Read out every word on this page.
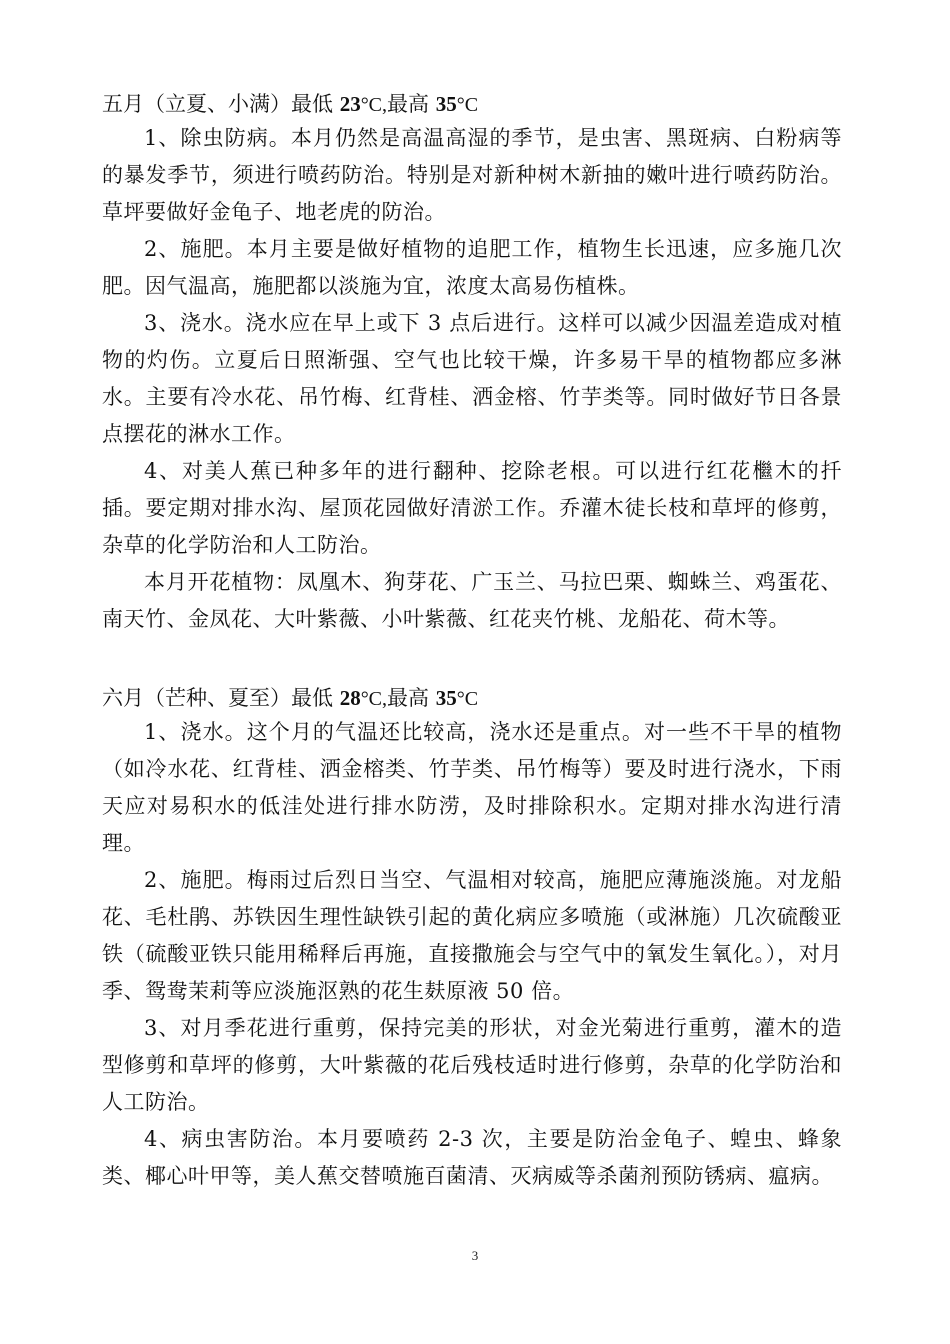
五月（立夏、小满）最低 23°C,最高 35°C

1、除虫防病。本月仍然是高温高湿的季节，是虫害、黑斑病、白粉病等的暴发季节，须进行喷药防治。特别是对新种树木新抽的嫩叶进行喷药防治。草坪要做好金龟子、地老虎的防治。

2、施肥。本月主要是做好植物的追肥工作，植物生长迅速，应多施几次肥。因气温高，施肥都以淡施为宜，浓度太高易伤植株。

3、浇水。浇水应在早上或下 3 点后进行。这样可以减少因温差造成对植物的灼伤。立夏后日照渐强、空气也比较干燥，许多易干旱的植物都应多淋水。主要有冷水花、吊竹梅、红背桂、洒金榕、竹芋类等。同时做好节日各景点摆花的淋水工作。

4、对美人蕉已种多年的进行翻种、挖除老根。可以进行红花檵木的扦插。要定期对排水沟、屋顶花园做好清淤工作。乔灌木徒长枝和草坪的修剪，杂草的化学防治和人工防治。

本月开花植物：凤凰木、狗芽花、广玉兰、马拉巴栗、蜘蛛兰、鸡蛋花、南天竹、金凤花、大叶紫薇、小叶紫薇、红花夹竹桃、龙船花、荷木等。

六月（芒种、夏至）最低 28°C,最高 35°C

1、浇水。这个月的气温还比较高，浇水还是重点。对一些不干旱的植物（如冷水花、红背桂、洒金榕类、竹芋类、吊竹梅等）要及时进行浇水，下雨天应对易积水的低洼处进行排水防涝，及时排除积水。定期对排水沟进行清理。

2、施肥。梅雨过后烈日当空、气温相对较高，施肥应薄施淡施。对龙船花、毛杜鹃、苏铁因生理性缺铁引起的黄化病应多喷施（或淋施）几次硫酸亚铁（硫酸亚铁只能用稀释后再施，直接撒施会与空气中的氧发生氧化。），对月季、鸳鸯茉莉等应淡施沤熟的花生麸原液 50 倍。

3、对月季花进行重剪，保持完美的形状，对金光菊进行重剪，灌木的造型修剪和草坪的修剪，大叶紫薇的花后残枝适时进行修剪，杂草的化学防治和人工防治。

4、病虫害防治。本月要喷药 2-3 次，主要是防治金龟子、蝗虫、蜂象类、椰心叶甲等，美人蕉交替喷施百菌清、灭病威等杀菌剂预防锈病、瘟病。

3
